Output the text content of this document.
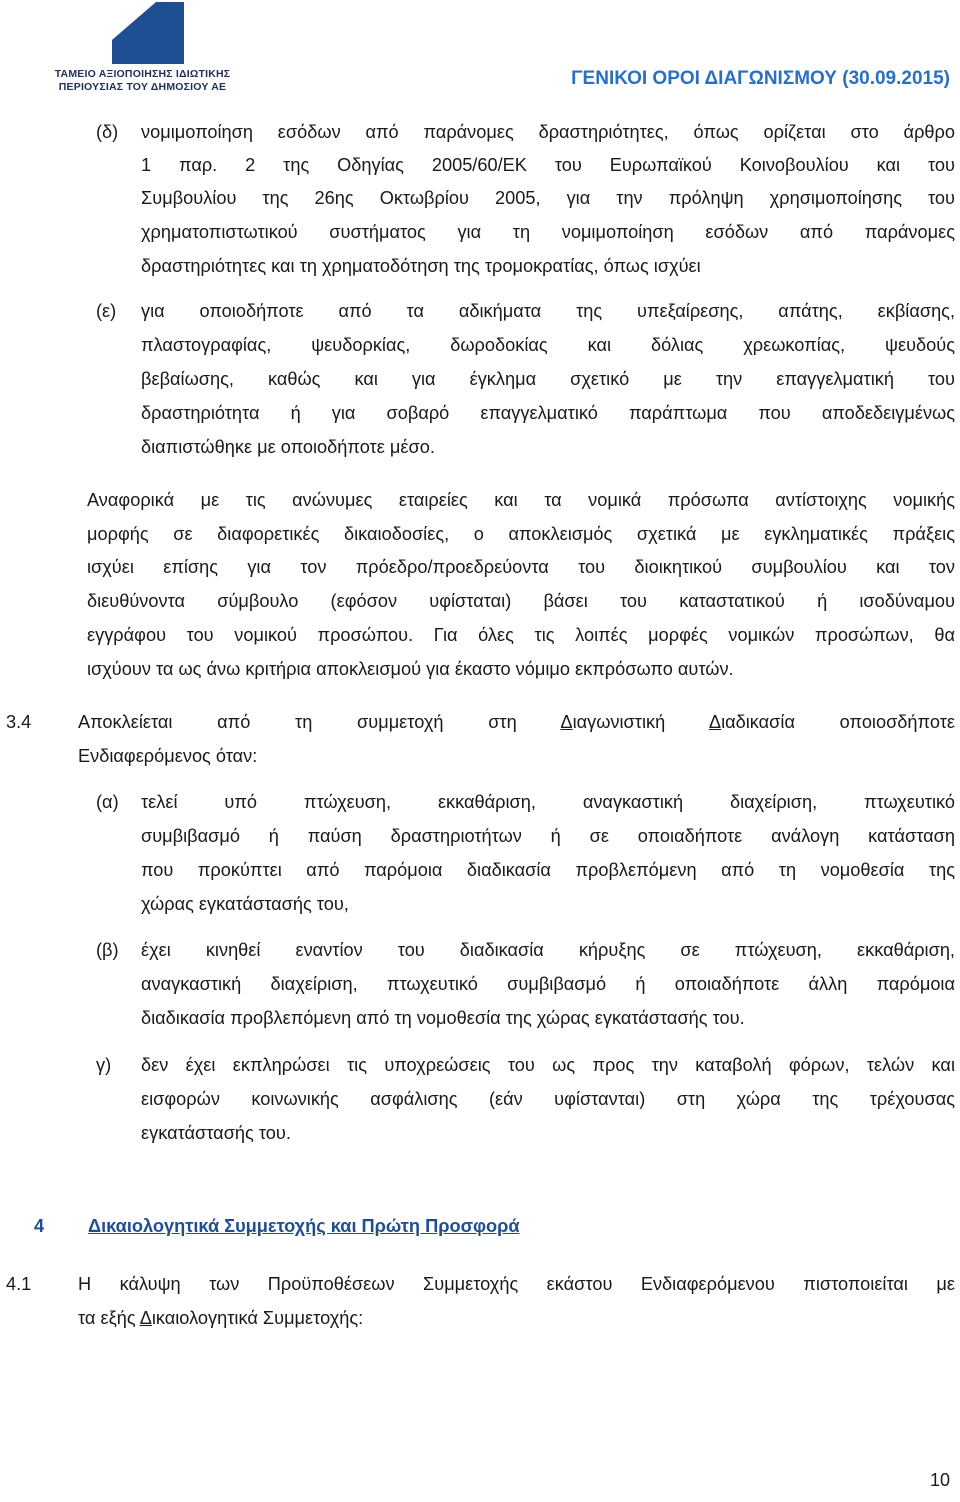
ΤΑΜΕΙΟ ΑΞΙΟΠΟΙΗΣΗΣ ΙΔΙΩΤΙΚΗΣ
ΠΕΡΙΟΥΣΙΑΣ ΤΟΥ ΔΗΜΟΣΙΟΥ ΑΕ	ΓΕΝΙΚΟΙ ΟΡΟΙ ΔΙΑΓΩΝΙΣΜΟΥ (30.09.2015)
(δ) νομιμοποίηση εσόδων από παράνομες δραστηριότητες, όπως ορίζεται στο άρθρο
1 παρ. 2 της Οδηγίας 2005/60/ΕΚ του Ευρωπαϊκού Κοινοβουλίου και του
Συμβουλίου της 26ης Οκτωβρίου 2005, για την πρόληψη χρησιμοποίησης του
χρηματοπιστωτικού συστήματος για τη νομιμοποίηση εσόδων από παράνομες
δραστηριότητες και τη χρηματοδότηση της τρομοκρατίας, όπως ισχύει
(ε) για οποιοδήποτε από τα αδικήματα της υπεξαίρεσης, απάτης, εκβίασης,
πλαστογραφίας, ψευδορκίας, δωροδοκίας και δόλιας χρεωκοπίας, ψευδούς
βεβαίωσης, καθώς και για έγκλημα σχετικό με την επαγγελματική του
δραστηριότητα ή για σοβαρό επαγγελματικό παράπτωμα που αποδεδειγμένως
διαπιστώθηκε με οποιοδήποτε μέσο.
Αναφορικά με τις ανώνυμες εταιρείες και τα νομικά πρόσωπα αντίστοιχης νομικής
μορφής σε διαφορετικές δικαιοδοσίες, ο αποκλεισμός σχετικά με εγκληματικές πράξεις
ισχύει επίσης για τον πρόεδρο/προεδρεύοντα του διοικητικού συμβουλίου και τον
διευθύνοντα σύμβουλο (εφόσον υφίσταται) βάσει του καταστατικού ή ισοδύναμου
εγγράφου του νομικού προσώπου. Για όλες τις λοιπές μορφές νομικών προσώπων, θα
ισχύουν τα ως άνω κριτήρια αποκλεισμού για έκαστο νόμιμο εκπρόσωπο αυτών.
3.4	Αποκλείεται από τη συμμετοχή στη Διαγωνιστική Διαδικασία οποιοσδήποτε
Ενδιαφερόμενος όταν:
(α) τελεί υπό πτώχευση, εκκαθάριση, αναγκαστική διαχείριση, πτωχευτικό
συμβιβασμό ή παύση δραστηριοτήτων ή σε οποιαδήποτε ανάλογη κατάσταση
που προκύπτει από παρόμοια διαδικασία προβλεπόμενη από τη νομοθεσία της
χώρας εγκατάστασής του,
(β) έχει κινηθεί εναντίον του διαδικασία κήρυξης σε πτώχευση, εκκαθάριση,
αναγκαστική διαχείριση, πτωχευτικό συμβιβασμό ή οποιαδήποτε άλλη παρόμοια
διαδικασία προβλεπόμενη από τη νομοθεσία της χώρας εγκατάστασής του.
γ) δεν έχει εκπληρώσει τις υποχρεώσεις του ως προς την καταβολή φόρων, τελών και
εισφορών κοινωνικής ασφάλισης (εάν υφίστανται) στη χώρα της τρέχουσας
εγκατάστασής του.
4 Δικαιολογητικά Συμμετοχής και Πρώτη Προσφορά
4.1	Η κάλυψη των Προϋποθέσεων Συμμετοχής εκάστου Ενδιαφερόμενου πιστοποιείται με
τα εξής Δικαιολογητικά Συμμετοχής:
10
